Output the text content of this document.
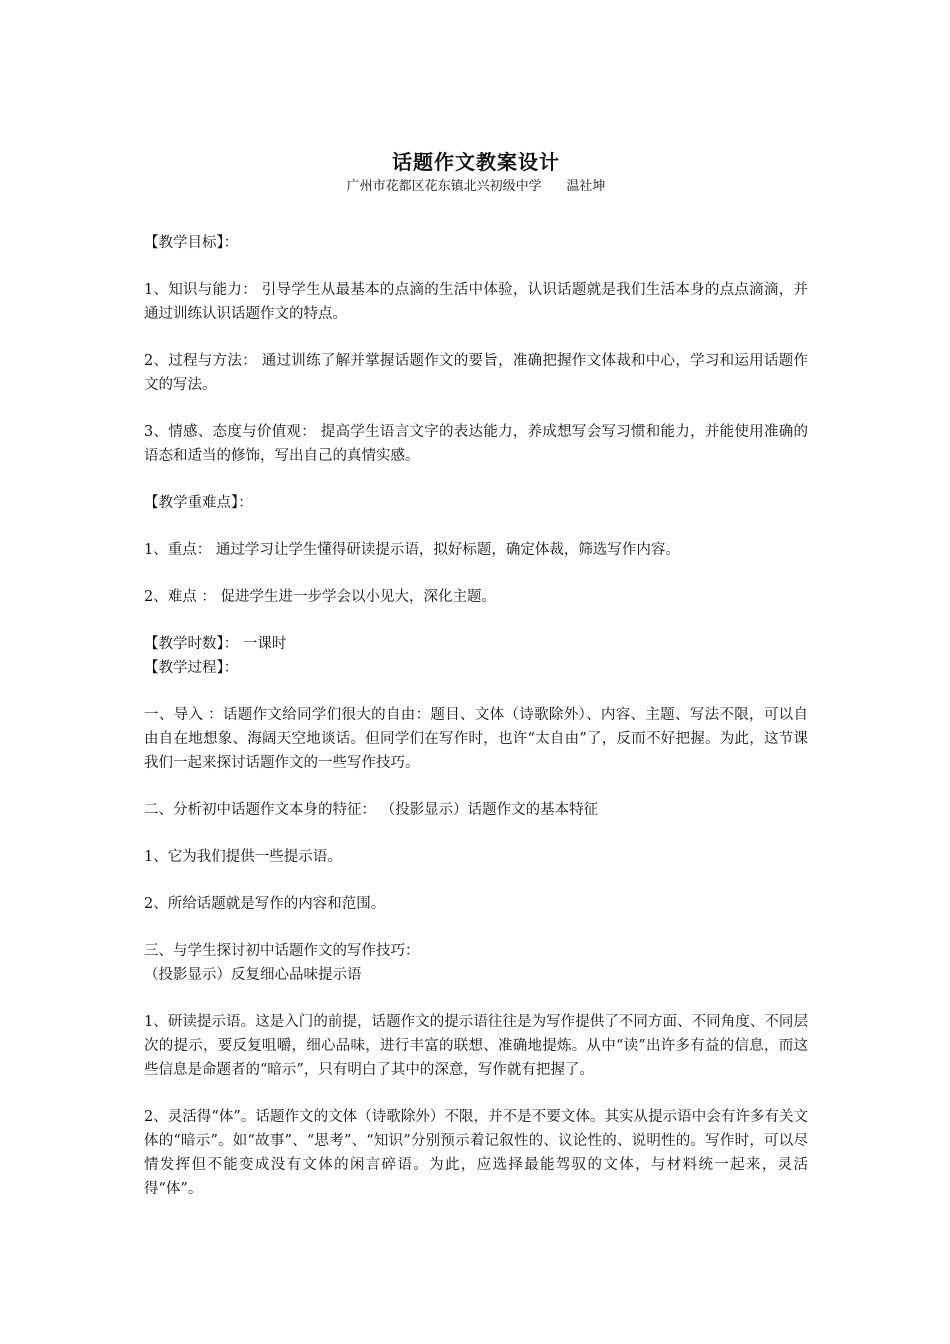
话题作文教案设计

广州市花都区花东镇北兴初级中学      温社坤

【教学目标】：

1、知识与能力： 引导学生从最基本的点滴的生活中体验，认识话题就是我们生活本身的点点滴滴，并通过训练认识话题作文的特点。

2、过程与方法： 通过训练了解并掌握话题作文的要旨，准确把握作文体裁和中心，学习和运用话题作文的写法。

3、情感、态度与价值观： 提高学生语言文字的表达能力，养成想写会写习惯和能力，并能使用准确的语态和适当的修饰，写出自己的真情实感。

【教学重难点】：

1、重点： 通过学习让学生懂得研读提示语，拟好标题，确定体裁，筛选写作内容。

2、难点 ： 促进学生进一步学会以小见大，深化主题。

【教学时数】： 一课时

【教学过程】：

一、导入 ：话题作文给同学们很大的自由：题目、文体（诗歌除外）、内容、主题、写法不限，可以自由自在地想象、海阔天空地谈话。但同学们在写作时，也许“太自由”了，反而不好把握。为此，这节课我们一起来探讨话题作文的一些写作技巧。

二、分析初中话题作文本身的特征： （投影显示）话题作文的基本特征

1、它为我们提供一些提示语。

2、所给话题就是写作的内容和范围。

三、与学生探讨初中话题作文的写作技巧：

（投影显示）反复细心品味提示语

1、研读提示语。这是入门的前提，话题作文的提示语往往是为写作提供了不同方面、不同角度、不同层次的提示，要反复咀嚼，细心品味，进行丰富的联想、准确地提炼。从中“读”出许多有益的信息，而这些信息是命题者的“暗示”，只有明白了其中的深意，写作就有把握了。

2、灵活得“体”。话题作文的文体（诗歌除外）不限，并不是不要文体。其实从提示语中会有许多有关文体的“暗示”。如“故事”、“思考”、“知识”分别预示着记叙性的、议论性的、说明性的。写作时，可以尽情发挥但不能变成没有文体的闲言碎语。为此，应选择最能驾驭的文体，与材料统一起来，灵活得“体”。
